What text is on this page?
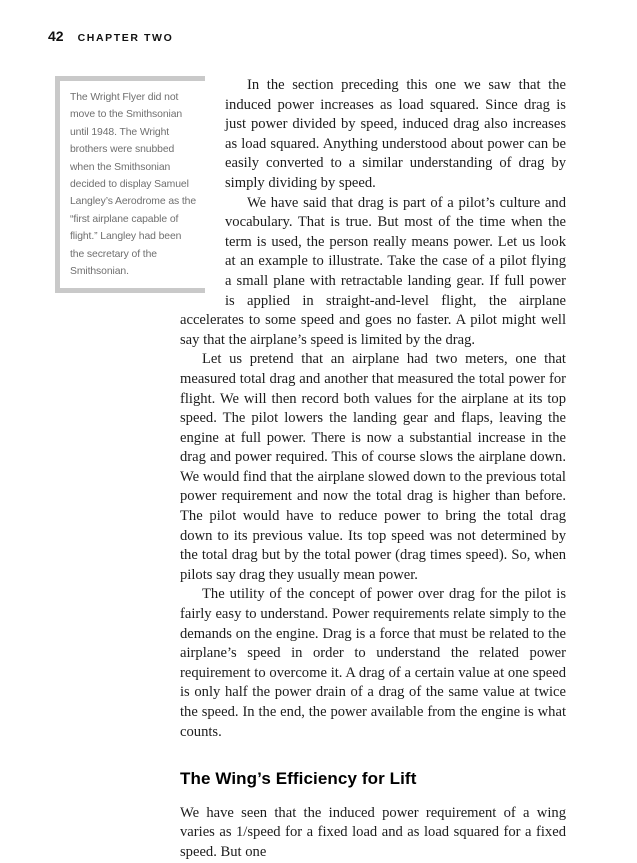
42 CHAPTER TWO
The Wright Flyer did not move to the Smithsonian until 1948. The Wright brothers were snubbed when the Smithsonian decided to display Samuel Langley’s Aerodrome as the “first airplane capable of flight.” Langley had been the secretary of the Smithsonian.

In the section preceding this one we saw that the induced power increases as load squared. Since drag is just power divided by speed, induced drag also increases as load squared. Anything understood about power can be easily converted to a similar understanding of drag by simply dividing by speed.

We have said that drag is part of a pilot’s culture and vocabulary. That is true. But most of the time when the term is used, the person really means power. Let us look at an example to illustrate. Take the case of a pilot flying a small plane with retractable landing gear. If full power is applied in straight-and-level flight, the airplane accelerates to some speed and goes no faster. A pilot might well say that the airplane’s speed is limited by the drag.

Let us pretend that an airplane had two meters, one that measured total drag and another that measured the total power for flight. We will then record both values for the airplane at its top speed. The pilot lowers the landing gear and flaps, leaving the engine at full power. There is now a substantial increase in the drag and power required. This of course slows the airplane down. We would find that the airplane slowed down to the previous total power requirement and now the total drag is higher than before. The pilot would have to reduce power to bring the total drag down to its previous value. Its top speed was not determined by the total drag but by the total power (drag times speed). So, when pilots say drag they usually mean power.

The utility of the concept of power over drag for the pilot is fairly easy to understand. Power requirements relate simply to the demands on the engine. Drag is a force that must be related to the airplane’s speed in order to understand the related power requirement to overcome it. A drag of a certain value at one speed is only half the power drain of a drag of the same value at twice the speed. In the end, the power available from the engine is what counts.

The Wing’s Efficiency for Lift

We have seen that the induced power requirement of a wing varies as 1/speed for a fixed load and as load squared for a fixed speed. But one
